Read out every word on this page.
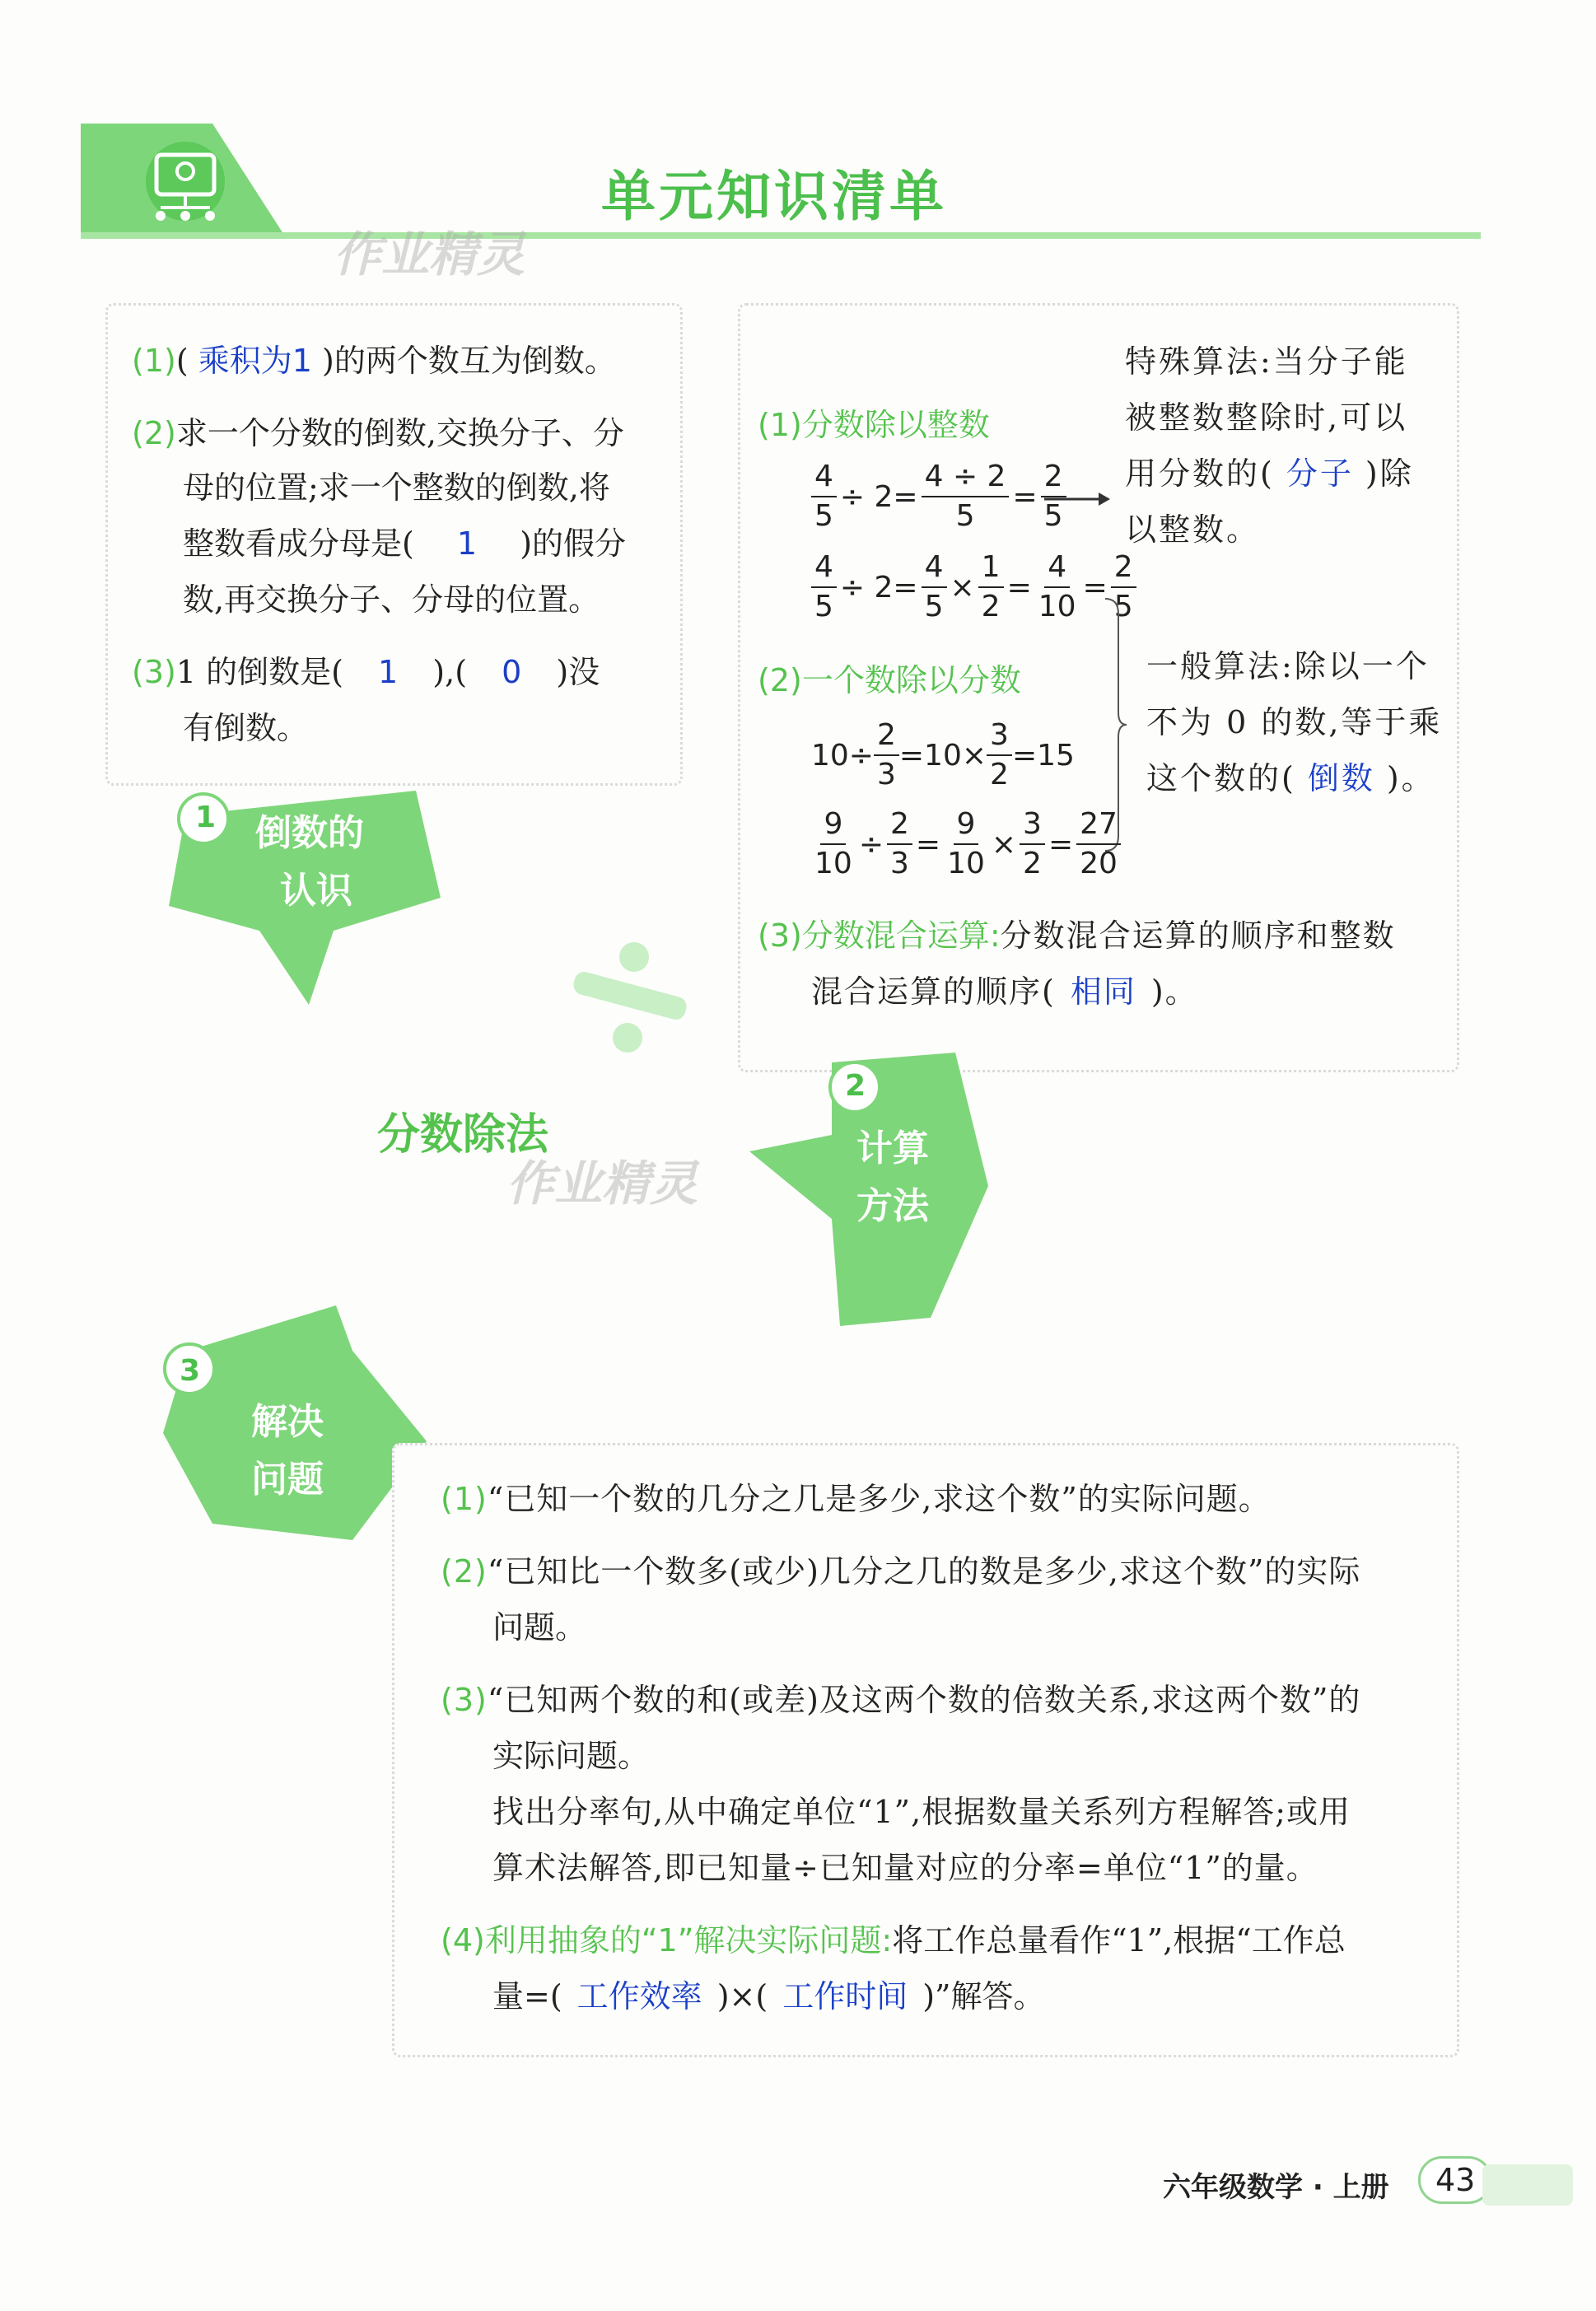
单元知识清单
作业精灵
(1)( 乘积为1 )的两个数互为倒数。
(2)求一个分数的倒数,交换分子、分
母的位置;求一个整数的倒数,将
整数看成分母是( 1 )的假分
数,再交换分子、分母的位置。
(3)1 的倒数是( 1 ),( 0 )没
有倒数。
1 倒数的
认识
特殊算法:当分子能
被整数整除时,可以
用分数的( 分子 )除
以整数。
(1)分数除以整数
$\frac{4}{5} \div 2= \frac{4 \div 2}{5} = \frac{2}{5}$
$\frac{4}{5} \div 2= \frac{4}{5} \times \frac{1}{2} = \frac{4}{10} = \frac{2}{5}$
(2)一个数除以分数	一般算法:除以一个
不为 0 的数,等于乘
这个数的( 倒数 )。
$10\div \frac{2}{3} =10\times \frac{3}{2} =15$
$\frac{9}{10} \div \frac{2}{3} = \frac{9}{10} \times \frac{3}{2} = \frac{27}{20}$
(3)分数混合运算:分数混合运算的顺序和整数
混合运算的顺序( 相同 )。
分数除法
作业精灵
2
计算
方法
3
解决
问题	(1)“已知一个数的几分之几是多少,求这个数”的实际问题。
(2)“已知比一个数多(或少)几分之几的数是多少,求这个数”的实际
问题。
(3)“已知两个数的和(或差)及这两个数的倍数关系,求这两个数”的
实际问题。
找出分率句,从中确定单位“1”,根据数量关系列方程解答;或用
算术法解答,即已知量÷已知量对应的分率=单位“1”的量。
(4)利用抽象的“1”解决实际问题:将工作总量看作“1”,根据“工作总
量=( 工作效率 )×( 工作时间 )”解答。
六年级数学 · 上册	43
